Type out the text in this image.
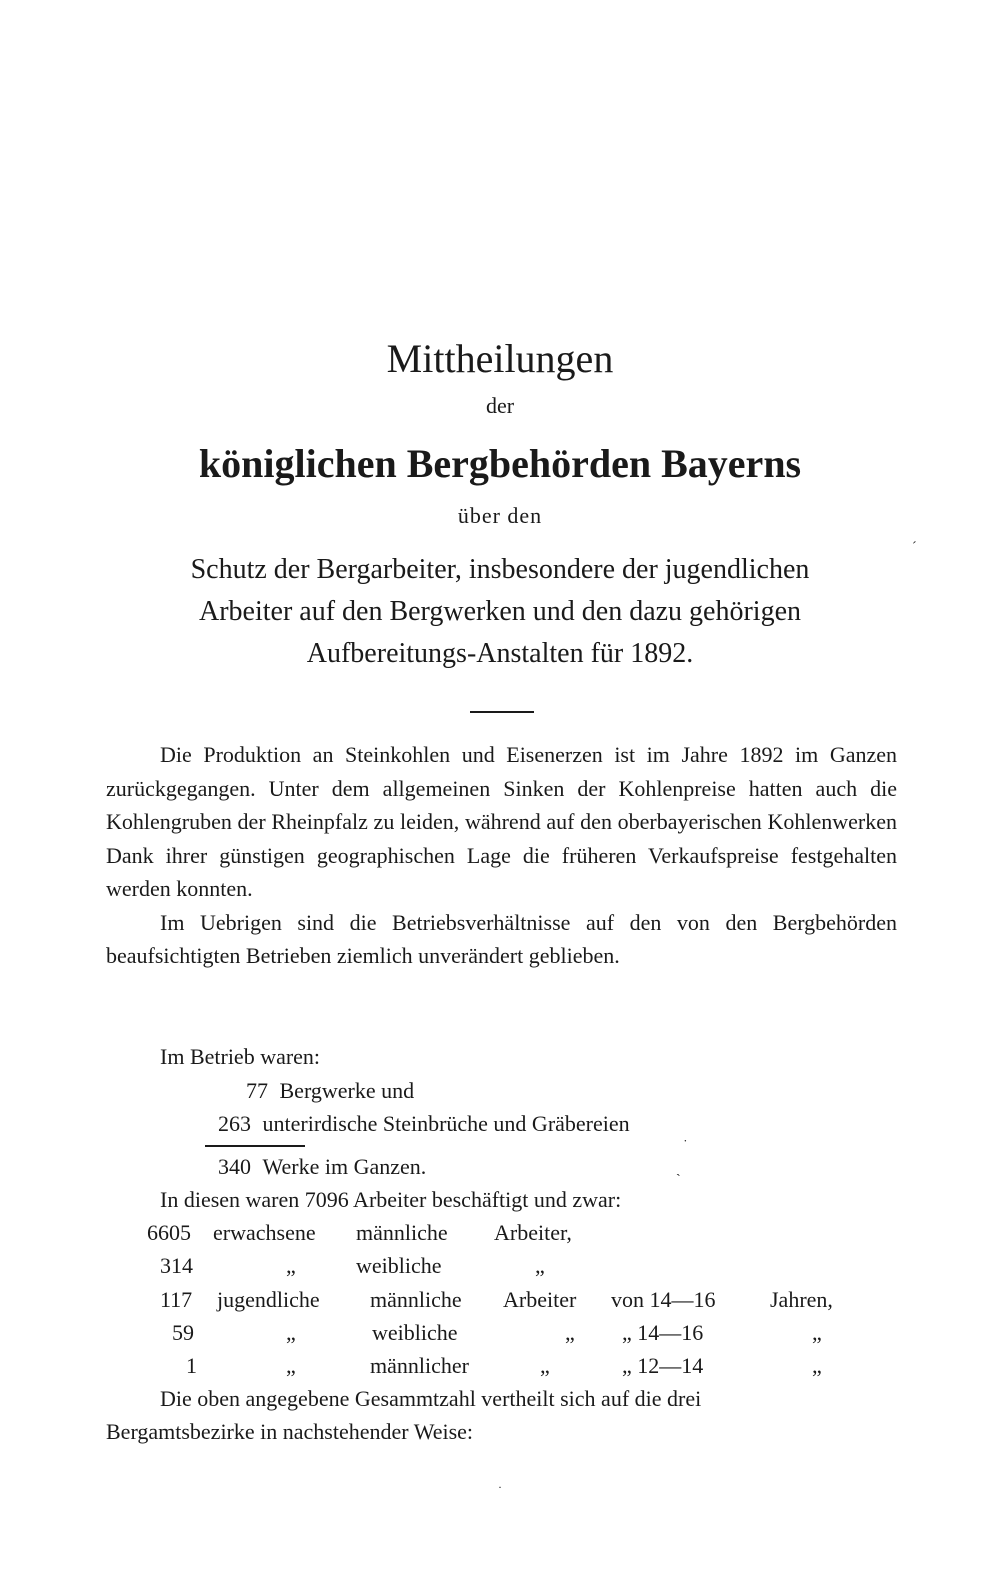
Mittheilungen
der
königlichen Bergbehörden Bayerns
über den
Schutz der Bergarbeiter, insbesondere der jugendlichen
Arbeiter auf den Bergwerken und den dazu gehörigen
Aufbereitungs-Anstalten für 1892.
´

Die Produktion an Steinkohlen und Eisenerzen ist im Jahre 1892 im Ganzen zurückgegangen. Unter dem allgemeinen Sinken der Kohlenpreise hatten auch die Kohlengruben der Rheinpfalz zu leiden, während auf den oberbayerischen Kohlenwerken Dank ihrer günstigen geographischen Lage die früheren Verkaufspreise festgehalten werden konnten.

Im Uebrigen sind die Betriebsverhältnisse auf den von den Bergbehörden beaufsichtigten Betrieben ziemlich unverändert geblieben.

Im Betrieb waren:
77 Bergwerke und
263 unterirdische Steinbrüche und Gräbereien
˙
340 Werke im Ganzen.	ˏ
In diesen waren 7096 Arbeiter beschäftigt und zwar:
6605 erwachsene männliche Arbeiter,
314	„	weibliche	„
117 jugendliche männliche Arbeiter von 14—16 Jahren,
59	„	weibliche	„ „ 14—16	„
1	„	männlicher	„	„ 12—14	„
Die oben angegebene Gesammtzahl vertheilt sich auf die drei
Bergamtsbezirke in nachstehender Weise:
·
